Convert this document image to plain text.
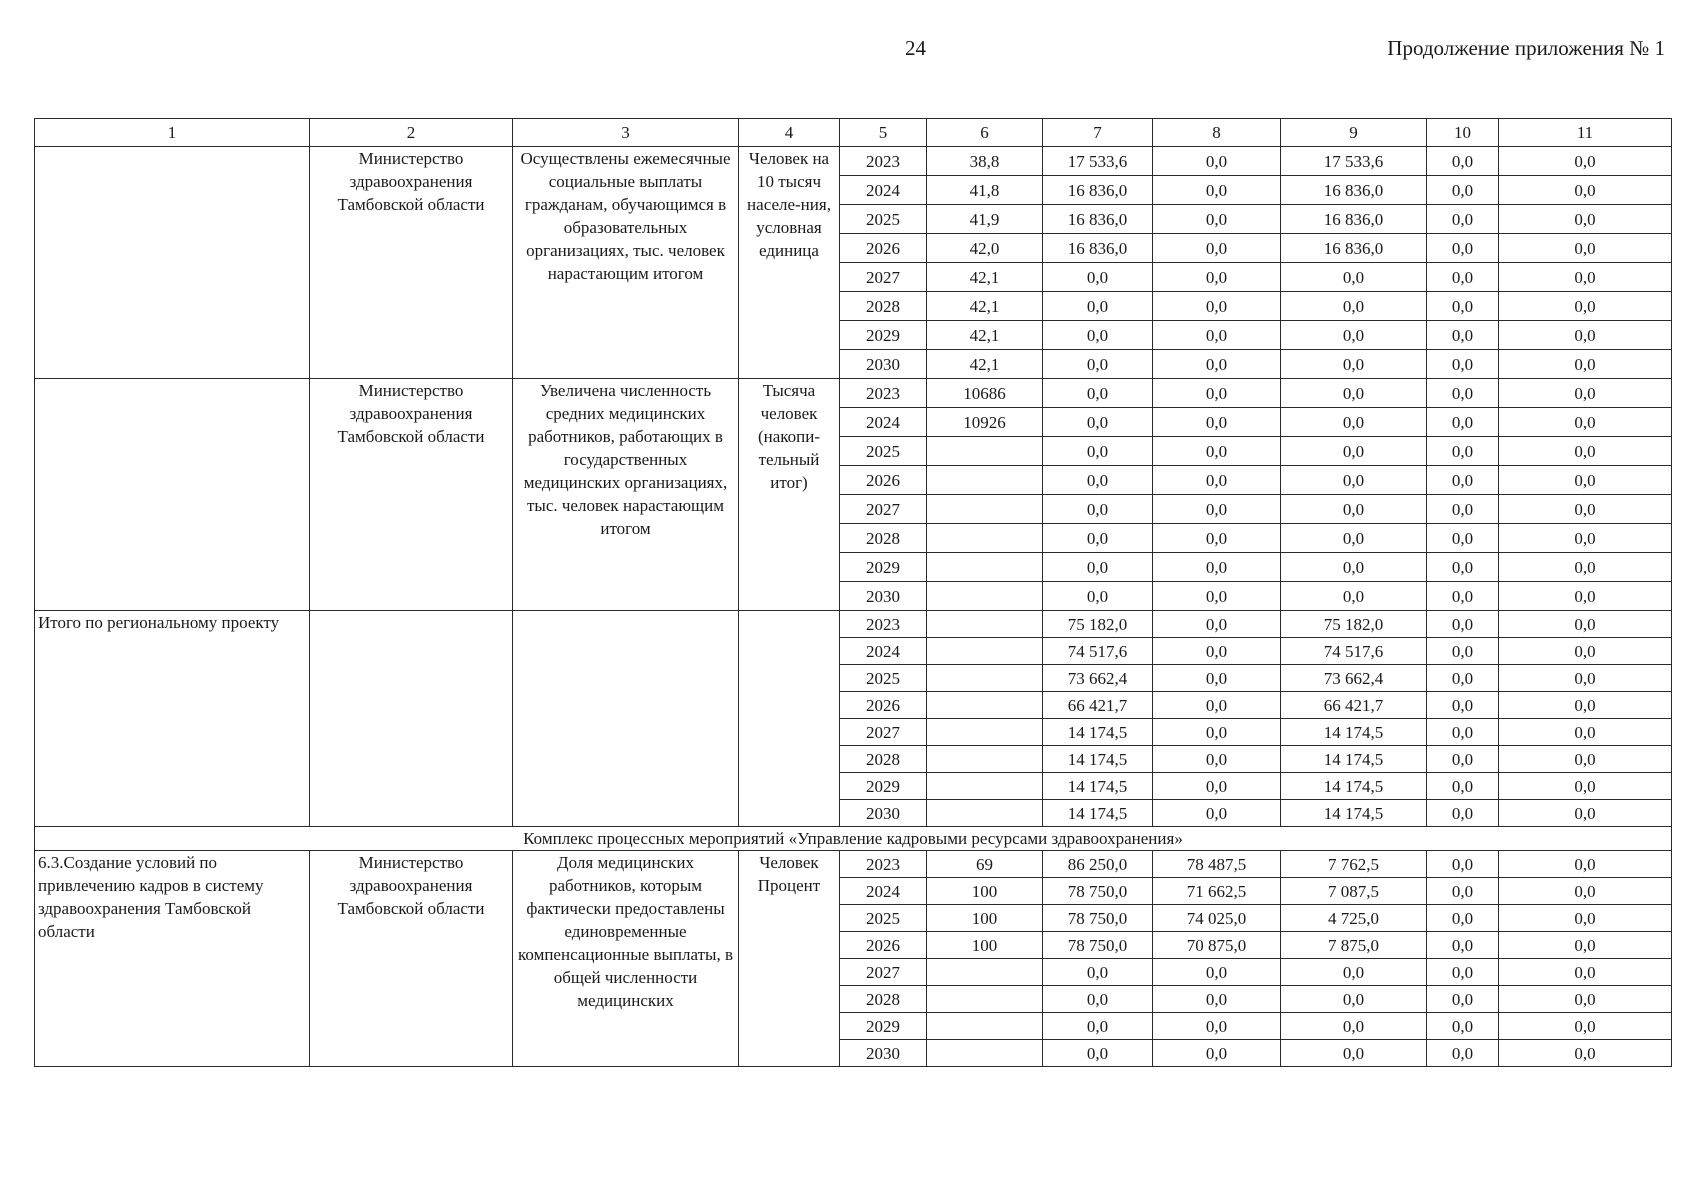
24	Продолжение приложения № 1
1	2	3	4	5	6	7	8	9	10	11

	Министерство здравоохранения Тамбовской области	Осуществлены ежемесячные социальные выплаты гражданам, обучающимся в образовательных организациях, тыс. человек нарастающим итогом	Человек на 10 тысяч населе-ния, условная единица	2023	38,8	17 533,6	0,0	17 533,6	0,0	0,0
				2024	41,8	16 836,0	0,0	16 836,0	0,0	0,0
				2025	41,9	16 836,0	0,0	16 836,0	0,0	0,0
				2026	42,0	16 836,0	0,0	16 836,0	0,0	0,0
				2027	42,1	0,0	0,0	0,0	0,0	0,0
				2028	42,1	0,0	0,0	0,0	0,0	0,0
				2029	42,1	0,0	0,0	0,0	0,0	0,0
				2030	42,1	0,0	0,0	0,0	0,0	0,0

	Министерство здравоохранения Тамбовской области	Увеличена численность средних медицинских работников, работающих в государственных медицинских организациях, тыс. человек нарастающим итогом	Тысяча человек (накопи-тельный итог)	2023	10686	0,0	0,0	0,0	0,0	0,0
				2024	10926	0,0	0,0	0,0	0,0	0,0
				2025		0,0	0,0	0,0	0,0	0,0
				2026		0,0	0,0	0,0	0,0	0,0
				2027		0,0	0,0	0,0	0,0	0,0
				2028		0,0	0,0	0,0	0,0	0,0
				2029		0,0	0,0	0,0	0,0	0,0
				2030		0,0	0,0	0,0	0,0	0,0

Итого по региональному проекту				2023		75 182,0	0,0	75 182,0	0,0	0,0
				2024		74 517,6	0,0	74 517,6	0,0	0,0
				2025		73 662,4	0,0	73 662,4	0,0	0,0
				2026		66 421,7	0,0	66 421,7	0,0	0,0
				2027		14 174,5	0,0	14 174,5	0,0	0,0
				2028		14 174,5	0,0	14 174,5	0,0	0,0
				2029		14 174,5	0,0	14 174,5	0,0	0,0
				2030		14 174,5	0,0	14 174,5	0,0	0,0
Комплекс процессных мероприятий «Управление кадровыми ресурсами здравоохранения»										

6.3.Создание условий по привлечению кадров в систему здравоохранения Тамбовской области	Министерство здравоохранения Тамбовской области	Доля медицинских работников, которым фактически предоставлены единовременные компенсационные выплаты, в общей численности медицинских	Человек Процент	2023	69	86 250,0	78 487,5	7 762,5	0,0	0,0
				2024	100	78 750,0	71 662,5	7 087,5	0,0	0,0
				2025	100	78 750,0	74 025,0	4 725,0	0,0	0,0
				2026	100	78 750,0	70 875,0	7 875,0	0,0	0,0
				2027		0,0	0,0	0,0	0,0	0,0
				2028		0,0	0,0	0,0	0,0	0,0
				2029		0,0	0,0	0,0	0,0	0,0
				2030		0,0	0,0	0,0	0,0	0,0
